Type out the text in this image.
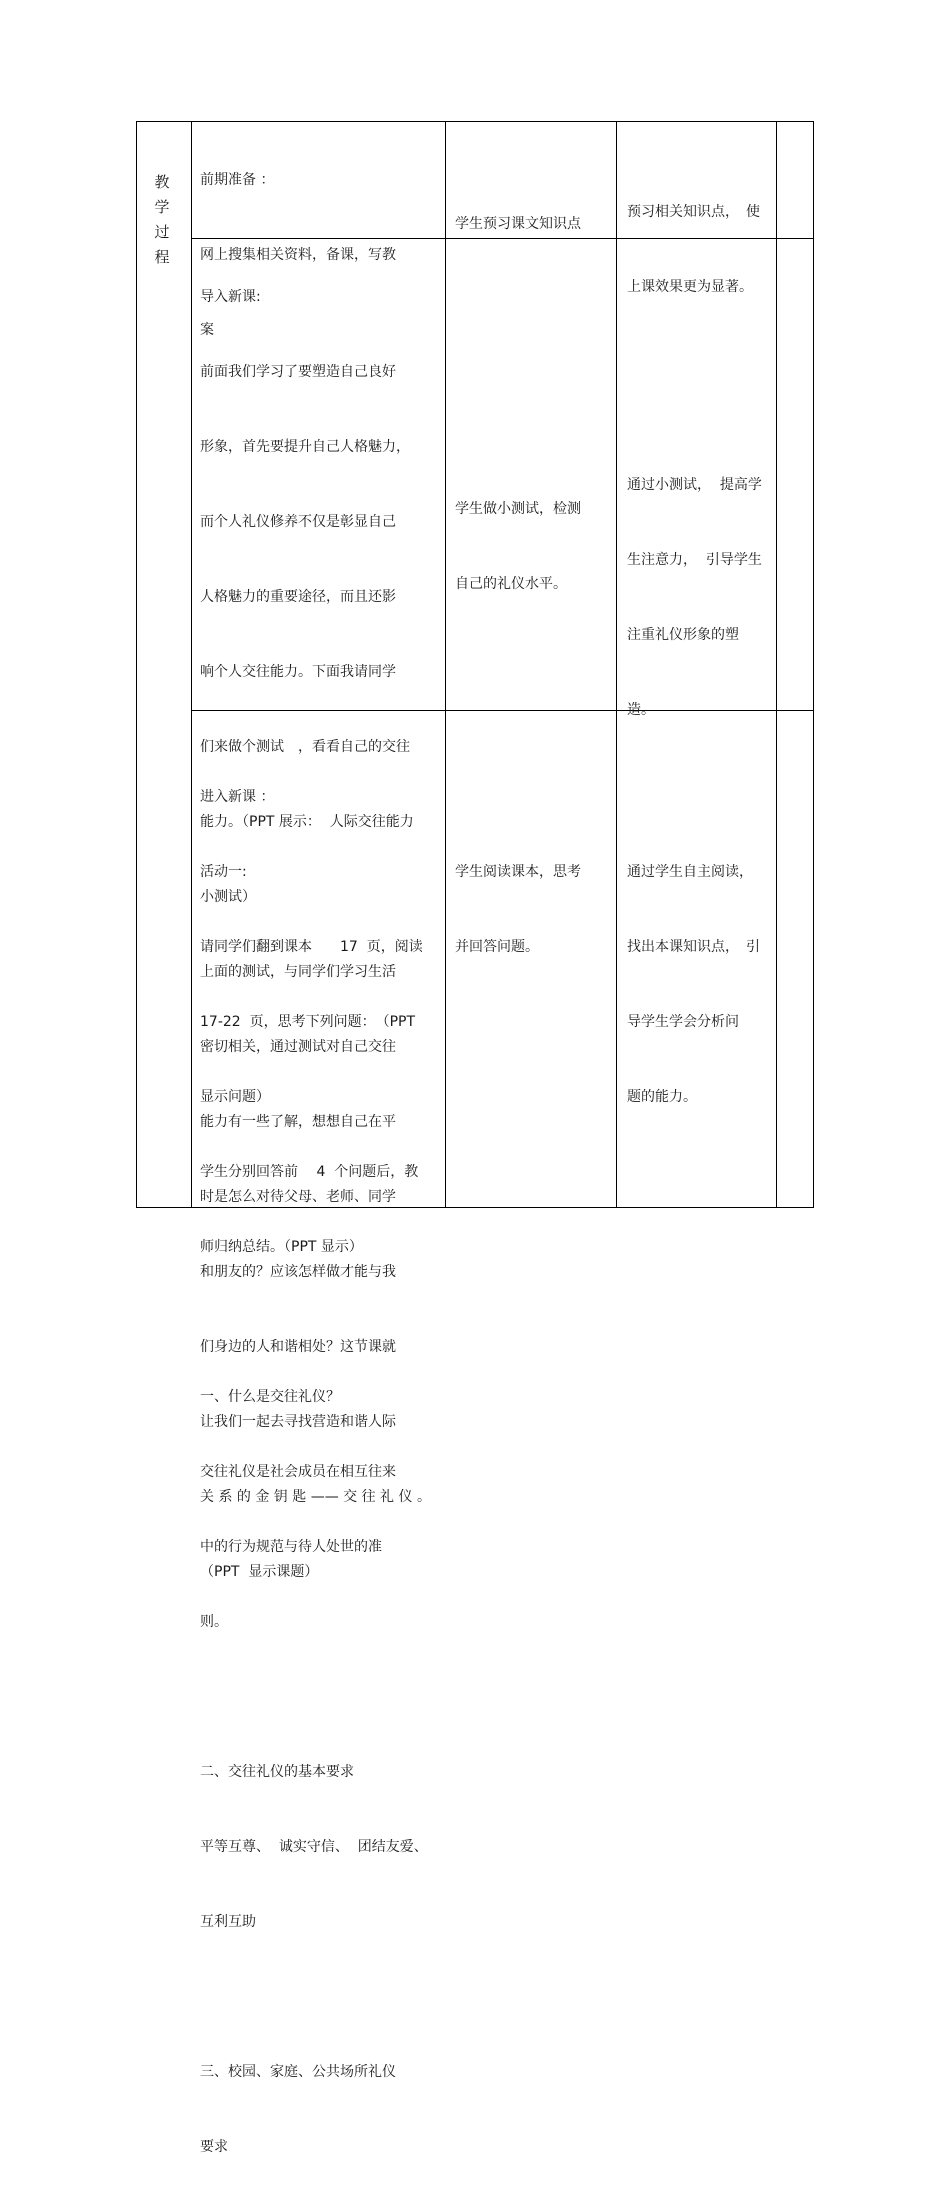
教
学
过
程

前期准备 ：

网上搜集相关资料，备课，写教

案

学生预习课文知识点

预习相关知识点，　使

上课效果更为显著。

导入新课:

前面我们学习了要塑造自己良好

形象，首先要提升自己人格魅力，

而个人礼仪修养不仅是彰显自己

人格魅力的重要途径，而且还影

响个人交往能力。下面我请同学

们来做个测试　，看看自己的交往

能力。（PPT 展示：  人际交往能力

小测试）

上面的测试，与同学们学习生活

密切相关，通过测试对自己交往

能力有一些了解，想想自己在平

时是怎么对待父母、老师、同学

和朋友的？应该怎样做才能与我

们身边的人和谐相处？这节课就

让我们一起去寻找营造和谐人际

关 系 的 金 钥 匙 —— 交 往 礼 仪 。

（PPT  显示课题）

学生做小测试，检测

自己的礼仪水平。

通过小测试，  提高学

生注意力，  引导学生

注重礼仪形象的塑

造。

进入新课 ：

活动一:

请同学们翻到课本　　17  页，阅读

17-22  页，思考下列问题：　（PPT

显示问题）

学生分别回答前　 4  个问题后，教

师归纳总结。（PPT 显示）

一、什么是交往礼仪？

交往礼仪是社会成员在相互往来

中的行为规范与待人处世的准

则。

二、交往礼仪的基本要求

平等互尊、  诚实守信、  团结友爱、

互利互助

三、校园、家庭、公共场所礼仪

要求

学生阅读课本，思考

并回答问题。

通过学生自主阅读，

找出本课知识点，　引

导学生学会分析问

题的能力。
